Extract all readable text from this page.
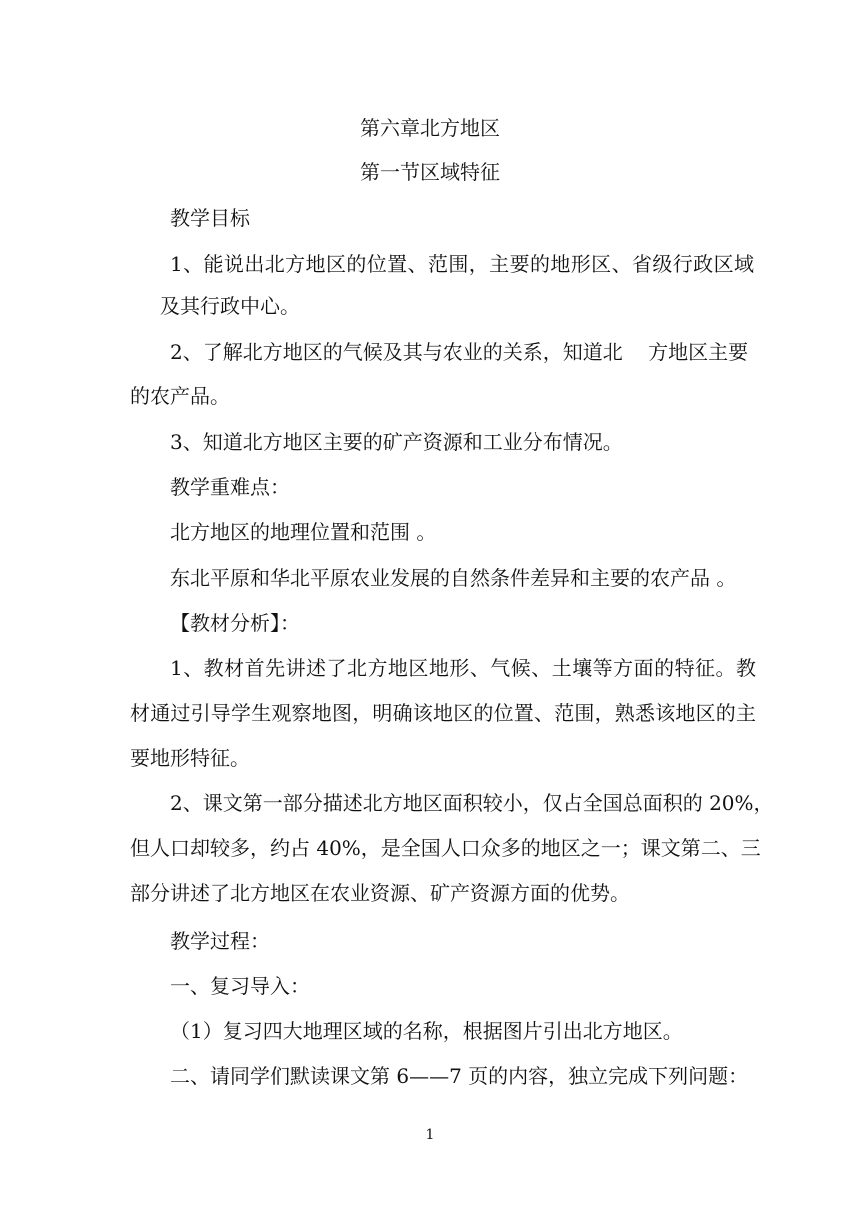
第六章北方地区
第一节区域特征
教学目标
1、能说出北方地区的位置、范围，主要的地形区、省级行政区域
及其行政中心。
2、了解北方地区的气候及其与农业的关系，知道北    方地区主要
的农产品。
3、知道北方地区主要的矿产资源和工业分布情况。
教学重难点：
北方地区的地理位置和范围 。
东北平原和华北平原农业发展的自然条件差异和主要的农产品 。
【教材分析】：
1、教材首先讲述了北方地区地形、气候、土壤等方面的特征。教
材通过引导学生观察地图，明确该地区的位置、范围，熟悉该地区的主
要地形特征。
2、课文第一部分描述北方地区面积较小，仅占全国总面积的 20%，
但人口却较多，约占 40%，是全国人口众多的地区之一；课文第二、三
部分讲述了北方地区在农业资源、矿产资源方面的优势。
教学过程：
一、复习导入：
（1）复习四大地理区域的名称，根据图片引出北方地区。
二、请同学们默读课文第 6——7 页的内容，独立完成下列问题：
1
